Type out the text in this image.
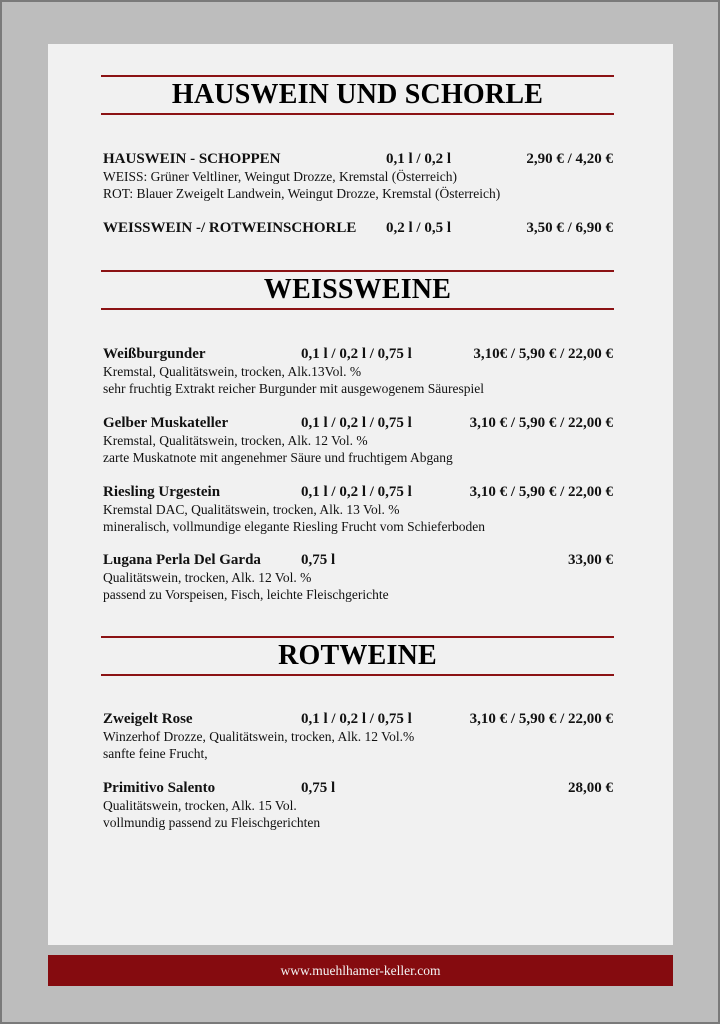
HAUSWEIN UND SCHORLE
HAUSWEIN - SCHOPPEN	0,1 l / 0,2 l	2,90 € / 4,20 €
WEISS: Grüner Veltliner, Weingut Drozze, Kremstal (Österreich)
ROT: Blauer Zweigelt Landwein, Weingut Drozze, Kremstal (Österreich)
WEISSWEIN -/ ROTWEINSCHORLE 0,2 l / 0,5 l	3,50 € / 6,90 €
WEISSWEINE
Weißburgunder	0,1 l / 0,2 l / 0,75 l	3,10€ / 5,90 € / 22,00 €
Kremstal, Qualitätswein, trocken, Alk.13Vol. %
sehr fruchtig Extrakt reicher Burgunder mit ausgewogenem Säurespiel
Gelber Muskateller	0,1 l / 0,2 l / 0,75 l	3,10 € / 5,90 € / 22,00 €
Kremstal, Qualitätswein, trocken, Alk. 12 Vol. %
zarte Muskatnote mit angenehmer Säure und fruchtigem Abgang
Riesling Urgestein	0,1 l / 0,2 l / 0,75 l	3,10 € / 5,90 € / 22,00 €
Kremstal DAC, Qualitätswein, trocken, Alk. 13 Vol. %
mineralisch, vollmundige elegante Riesling Frucht vom Schieferboden
Lugana Perla Del Garda	0,75 l	33,00 €
Qualitätswein, trocken, Alk. 12 Vol. %
passend zu Vorspeisen, Fisch, leichte Fleischgerichte
ROTWEINE
Zweigelt Rose	0,1 l / 0,2 l / 0,75 l	3,10 € / 5,90 € / 22,00 €
Winzerhof Drozze, Qualitätswein, trocken, Alk. 12 Vol.%
sanfte feine Frucht,
Primitivo Salento	0,75 l	28,00 €
Qualitätswein, trocken, Alk. 15 Vol.
vollmundig passend zu Fleischgerichten
www.muehlhamer-keller.com
